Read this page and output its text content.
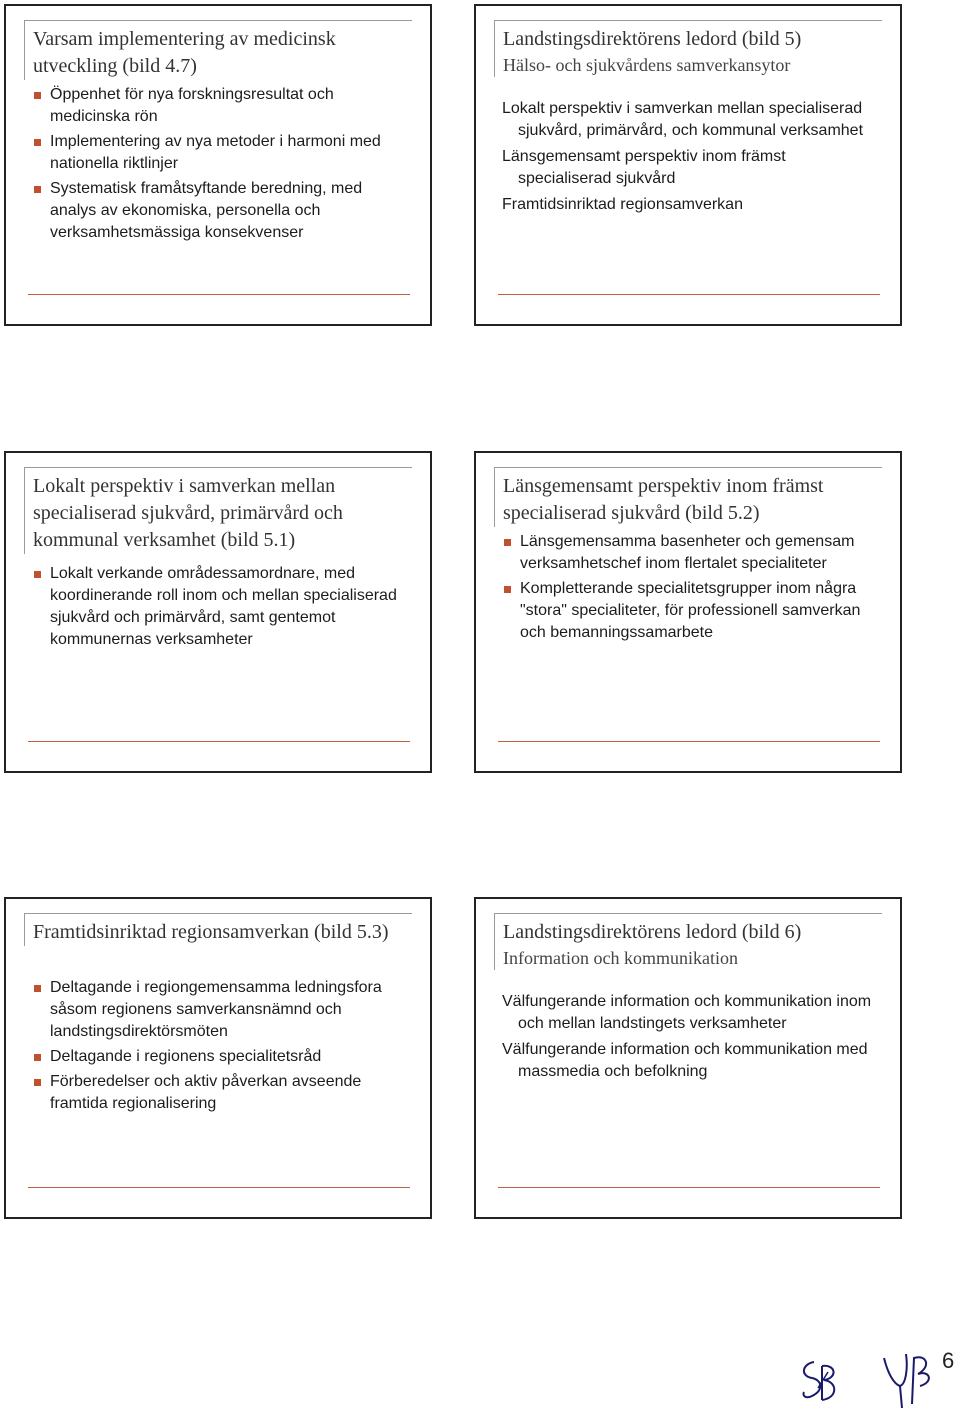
Varsam implementering av medicinsk utveckling (bild 4.7)

Öppenhet för nya forskningsresultat och medicinska rön

Implementering av nya metoder i harmoni med nationella riktlinjer

Systematisk framåtsyftande beredning, med analys av ekonomiska, personella och verksamhetsmässiga konsekvenser

Landstingsdirektörens ledord (bild 5)

Hälso- och sjukvårdens samverkansytor

Lokalt perspektiv i samverkan mellan specialiserad sjukvård, primärvård, och kommunal verksamhet

Länsgemensamt perspektiv inom främst specialiserad sjukvård

Framtidsinriktad regionsamverkan

Lokalt perspektiv i samverkan mellan specialiserad sjukvård, primärvård och kommunal verksamhet (bild 5.1)

Lokalt verkande områdessamordnare, med koordinerande roll inom och mellan specialiserad sjukvård och primärvård, samt gentemot kommunernas verksamheter

Länsgemensamt perspektiv inom främst specialiserad sjukvård (bild 5.2)

Länsgemensamma basenheter och gemensam verksamhetschef inom flertalet specialiteter

Kompletterande specialitetsgrupper inom några "stora" specialiteter, för professionell samverkan och bemanningssamarbete

Framtidsinriktad regionsamverkan (bild 5.3)

Deltagande i regiongemensamma ledningsfora såsom regionens samverkansnämnd och landstingsdirektörsmöten

Deltagande i regionens specialitetsråd

Förberedelser och aktiv påverkan avseende framtida regionalisering

Landstingsdirektörens ledord (bild 6)

Information och kommunikation

Välfungerande information och kommunikation inom och mellan landstingets verksamheter

Välfungerande information och kommunikation med massmedia och befolkning

6
